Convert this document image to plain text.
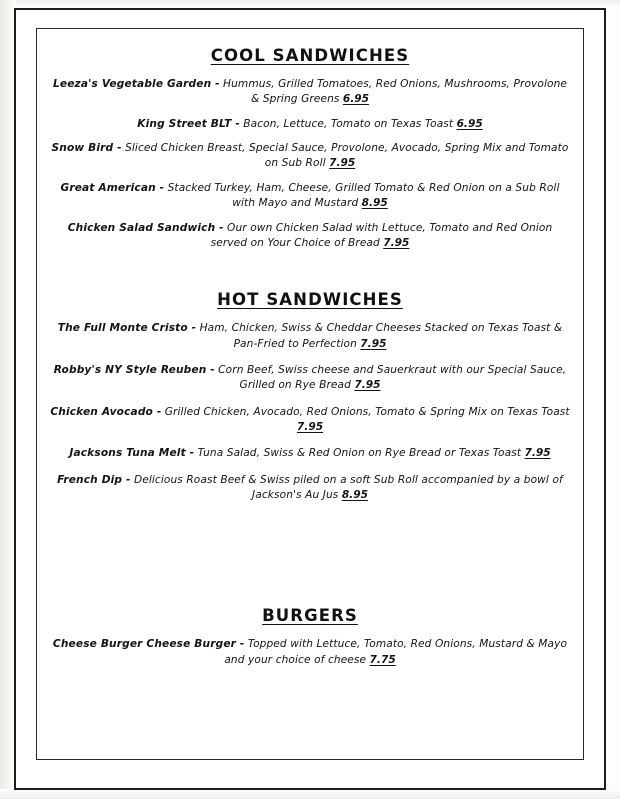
COOL SANDWICHES
Leeza's Vegetable Garden - Hummus, Grilled Tomatoes, Red Onions, Mushrooms, Provolone & Spring Greens 6.95
King Street BLT - Bacon, Lettuce, Tomato on Texas Toast 6.95
Snow Bird - Sliced Chicken Breast, Special Sauce, Provolone, Avocado, Spring Mix and Tomato on Sub Roll 7.95
Great American - Stacked Turkey, Ham, Cheese, Grilled Tomato & Red Onion on a Sub Roll with Mayo and Mustard 8.95
Chicken Salad Sandwich - Our own Chicken Salad with Lettuce, Tomato and Red Onion served on Your Choice of Bread 7.95
HOT SANDWICHES
The Full Monte Cristo - Ham, Chicken, Swiss & Cheddar Cheeses Stacked on Texas Toast & Pan-Fried to Perfection 7.95
Robby's NY Style Reuben - Corn Beef, Swiss cheese and Sauerkraut with our Special Sauce, Grilled on Rye Bread 7.95
Chicken Avocado - Grilled Chicken, Avocado, Red Onions, Tomato & Spring Mix on Texas Toast 7.95
Jacksons Tuna Melt - Tuna Salad, Swiss & Red Onion on Rye Bread or Texas Toast 7.95
French Dip - Delicious Roast Beef & Swiss piled on a soft Sub Roll accompanied by a bowl of Jackson's Au Jus 8.95
BURGERS
Cheese Burger Cheese Burger - Topped with Lettuce, Tomato, Red Onions, Mustard & Mayo and your choice of cheese 7.75
